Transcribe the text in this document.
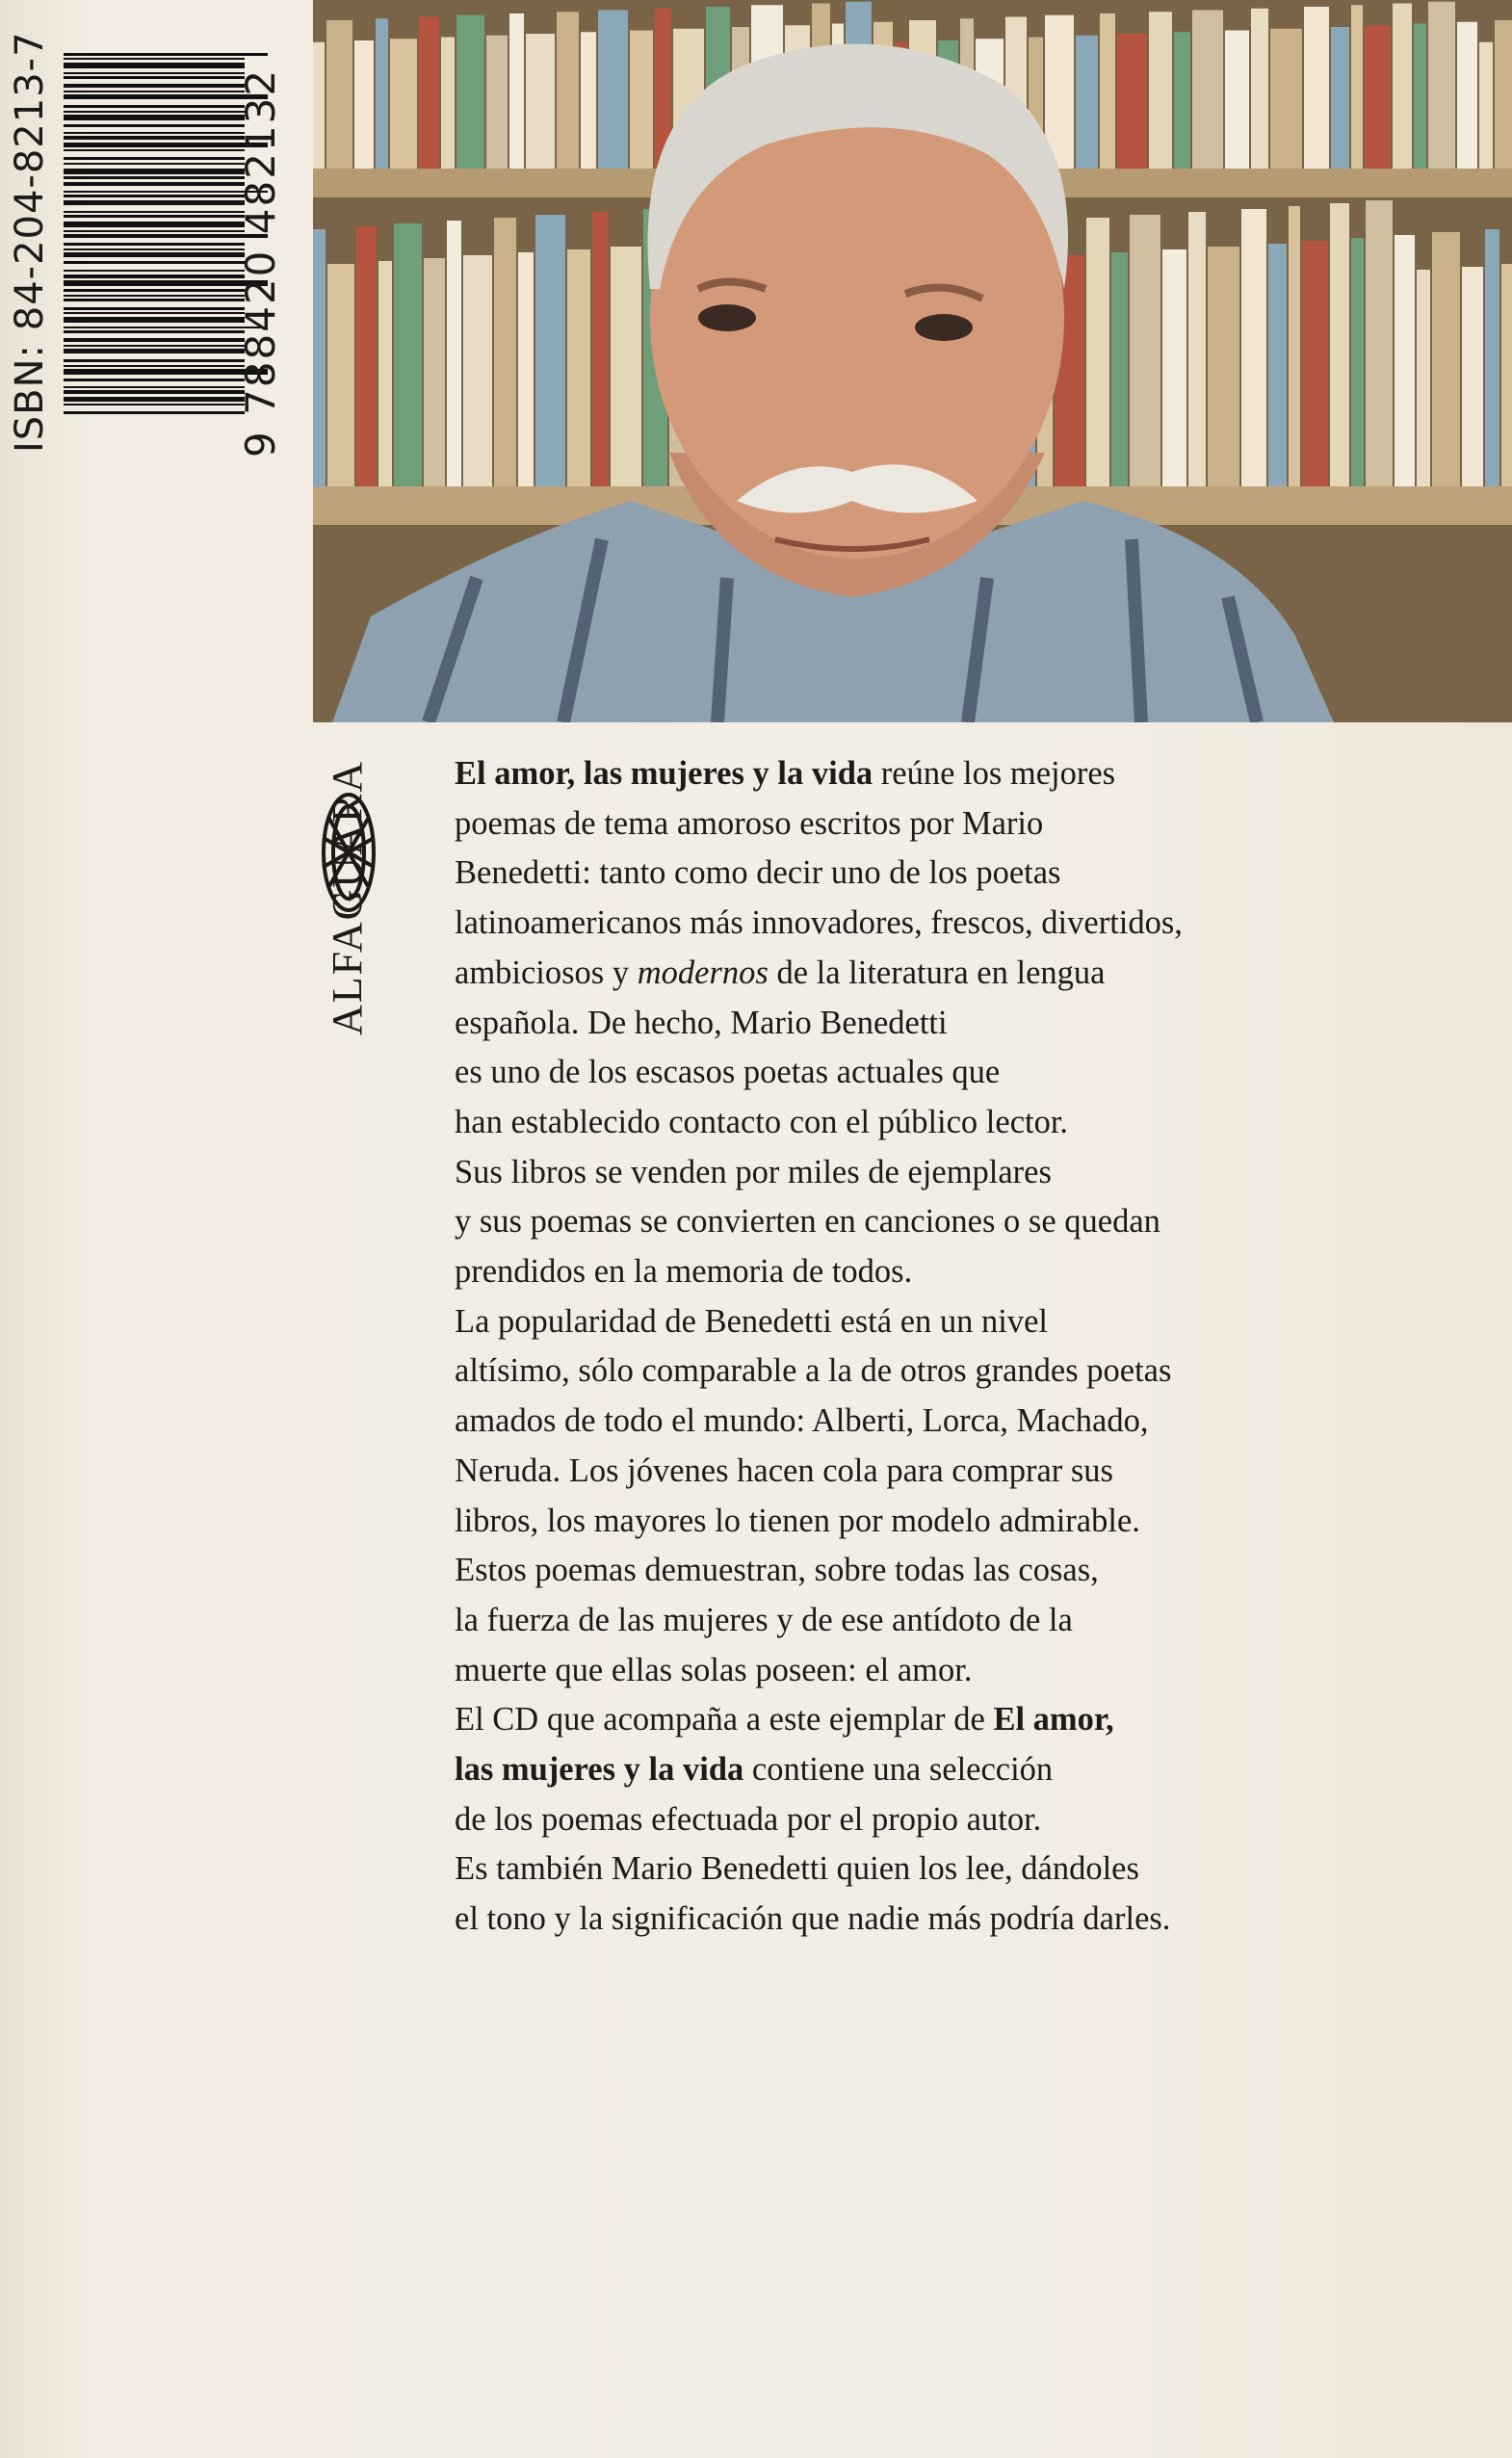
ISBN: 84-204-8213-7	9 788420 482132
ALFAGUARA	El amor, las mujeres y la vida reúne los mejores
poemas de tema amoroso escritos por Mario
Benedetti: tanto como decir uno de los poetas
latinoamericanos más innovadores, frescos, divertidos,
ambiciosos y modernos de la literatura en lengua
española. De hecho, Mario Benedetti
es uno de los escasos poetas actuales que
han establecido contacto con el público lector.
Sus libros se venden por miles de ejemplares
y sus poemas se convierten en canciones o se quedan
prendidos en la memoria de todos.
La popularidad de Benedetti está en un nivel
altísimo, sólo comparable a la de otros grandes poetas
amados de todo el mundo: Alberti, Lorca, Machado,
Neruda. Los jóvenes hacen cola para comprar sus
libros, los mayores lo tienen por modelo admirable.
Estos poemas demuestran, sobre todas las cosas,
la fuerza de las mujeres y de ese antídoto de la
muerte que ellas solas poseen: el amor.
El CD que acompaña a este ejemplar de El amor,
las mujeres y la vida contiene una selección
de los poemas efectuada por el propio autor.
Es también Mario Benedetti quien los lee, dándoles
el tono y la significación que nadie más podría darles.
